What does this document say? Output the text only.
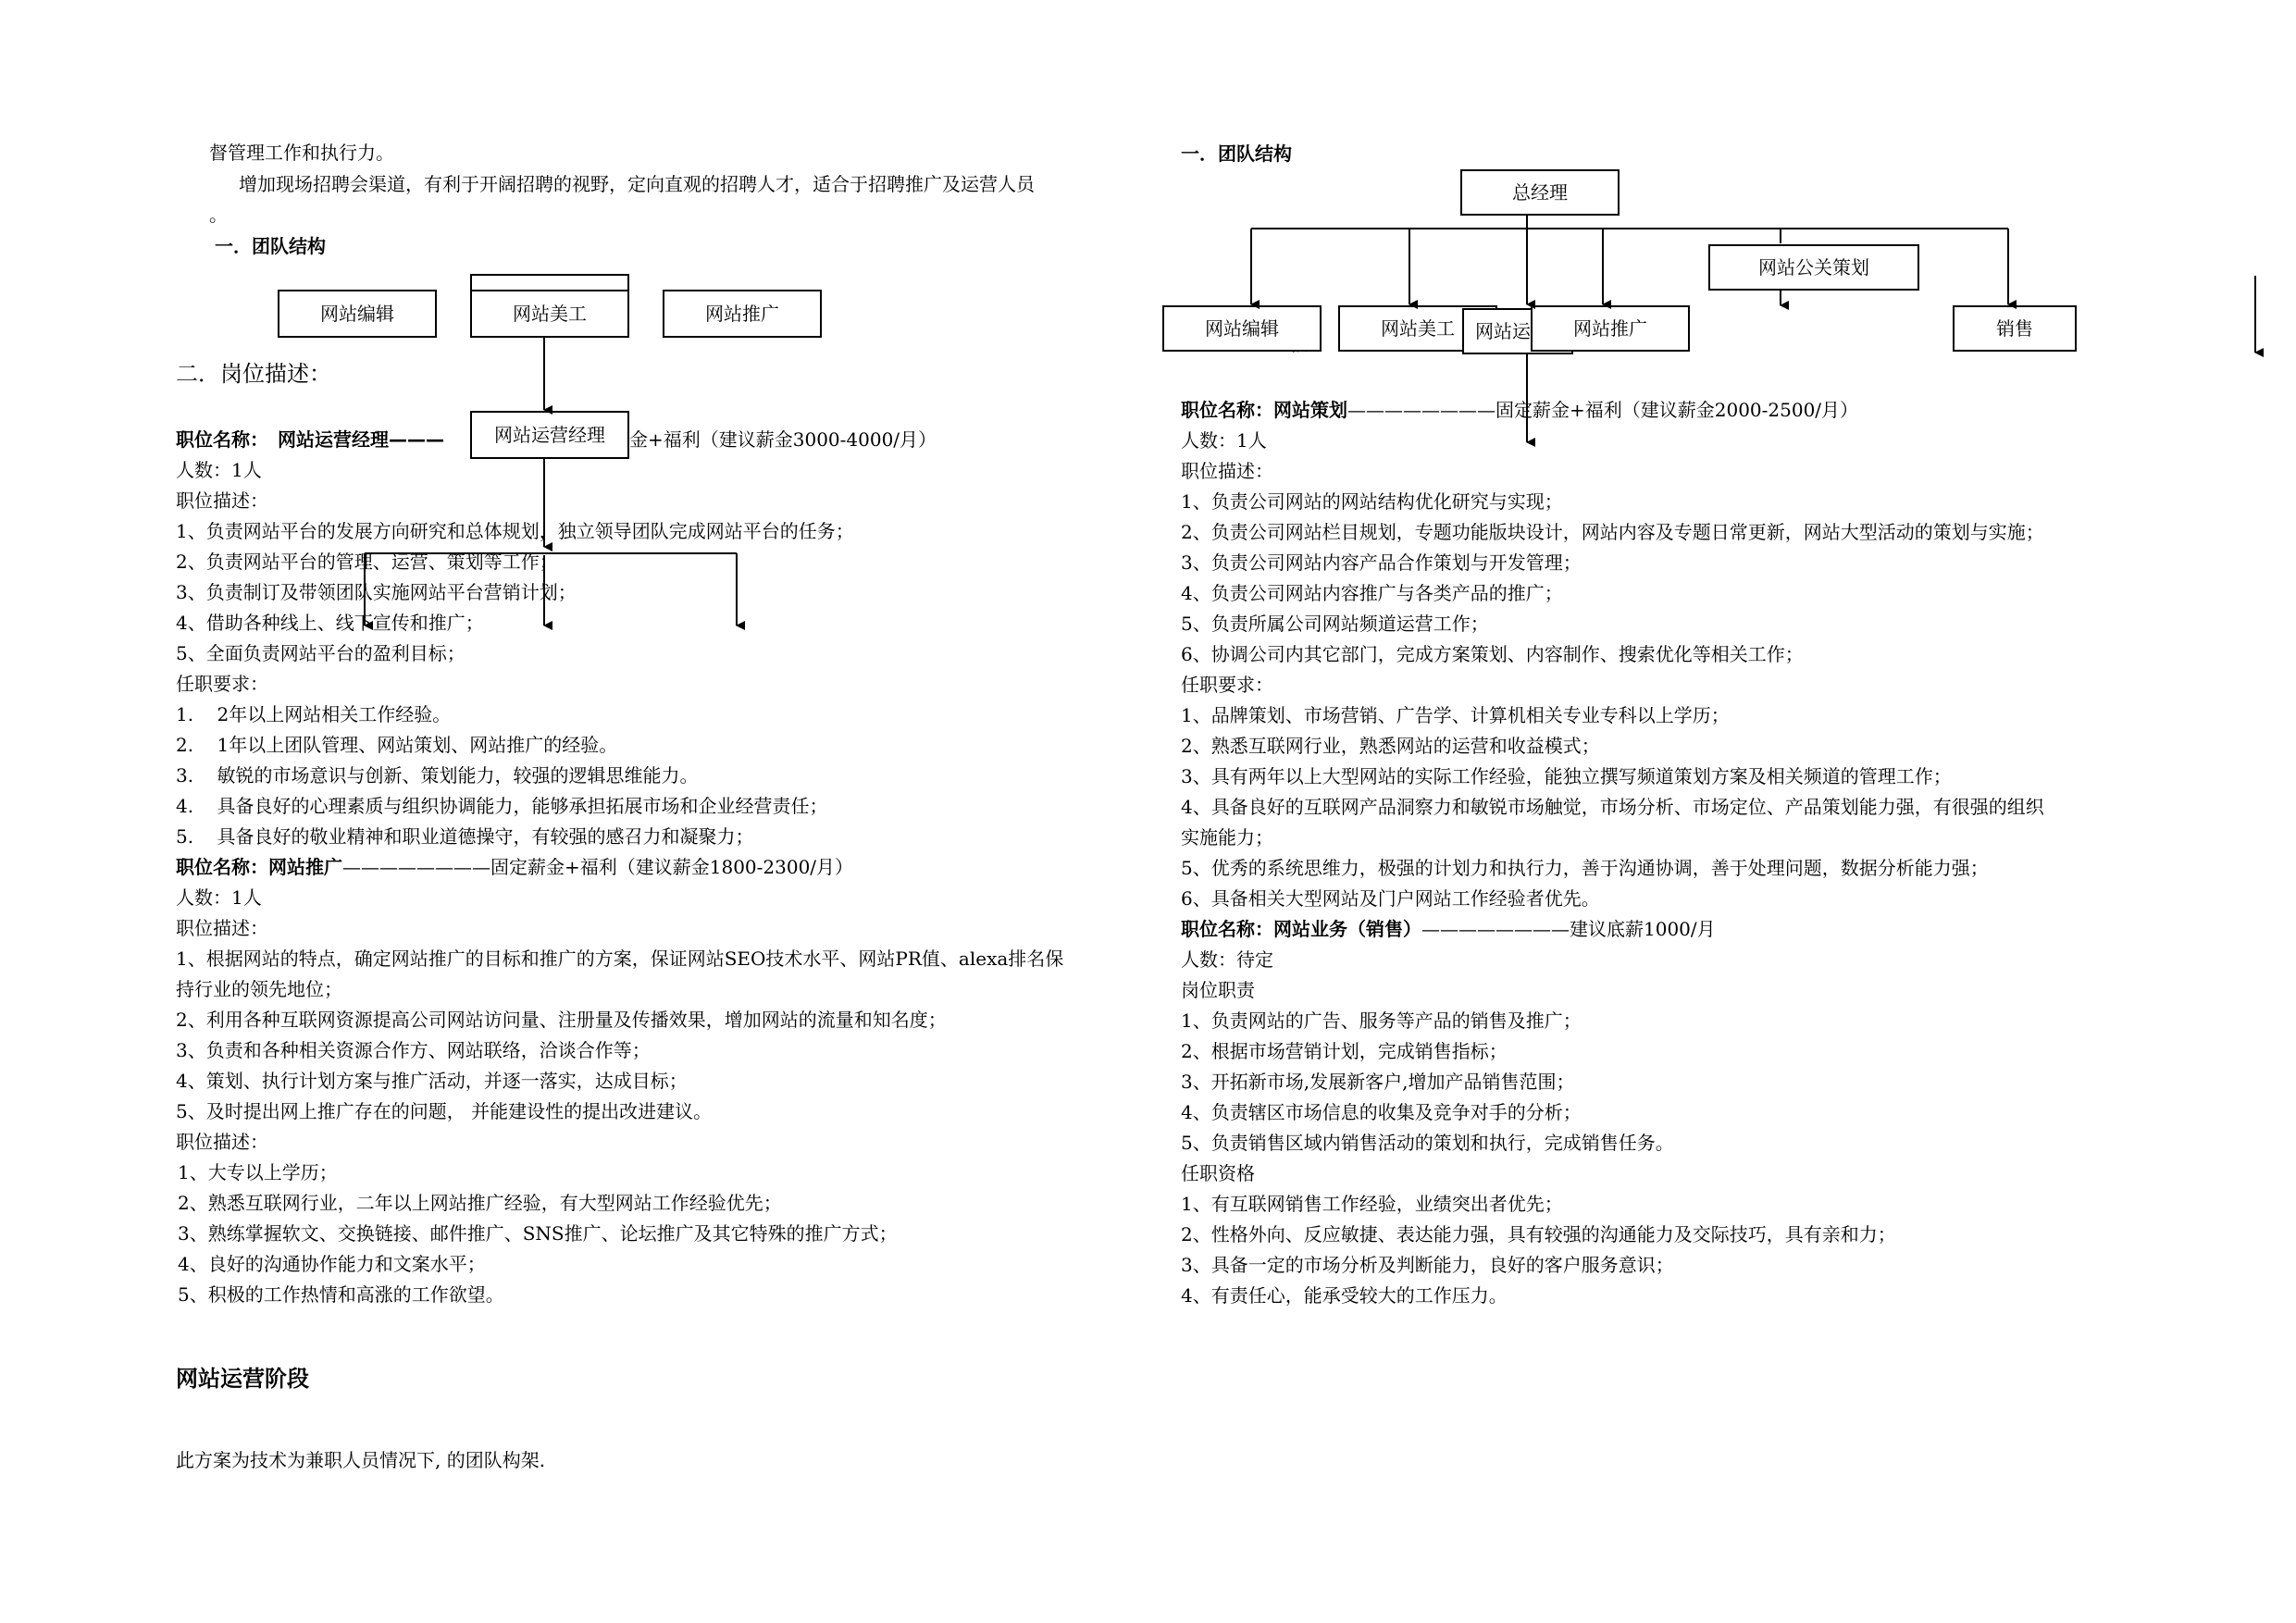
督管理工作和执行力。
增加现场招聘会渠道，有利于开阔招聘的视野，定向直观的招聘人才，适合于招聘推广及运营人员
。
一．团队结构
网站编辑	网站美工	网站推广
二．岗位描述：
职位名称： 网站运营经理———	金+福利（建议薪金3000-4000/月）
网站运营经理
人数：1人
职位描述：
1、负责网站平台的发展方向研究和总体规划，独立领导团队完成网站平台的任务；
2、负责网站平台的管理、运营、策划等工作；
3、负责制订及带领团队实施网站平台营销计划；
4、借助各种线上、线下宣传和推广；
5、全面负责网站平台的盈利目标；
任职要求：
1.    2年以上网站相关工作经验。
2.    1年以上团队管理、网站策划、网站推广的经验。
3.    敏锐的市场意识与创新、策划能力，较强的逻辑思维能力。
4.    具备良好的心理素质与组织协调能力，能够承担拓展市场和企业经营责任；
5.    具备良好的敬业精神和职业道德操守，有较强的感召力和凝聚力；
职位名称：网站推广————————固定薪金+福利（建议薪金1800-2300/月）
人数：1人
职位描述：
1、根据网站的特点，确定网站推广的目标和推广的方案，保证网站SEO技术水平、网站PR值、alexa排名保
持行业的领先地位；
2、利用各种互联网资源提高公司网站访问量、注册量及传播效果，增加网站的流量和知名度；
3、负责和各种相关资源合作方、网站联络，洽谈合作等；
4、策划、执行计划方案与推广活动，并逐一落实，达成目标；
5、及时提出网上推广存在的问题， 并能建设性的提出改进建议。
职位描述：
1、大专以上学历；
2、熟悉互联网行业，二年以上网站推广经验，有大型网站工作经验优先；
3、熟练掌握软文、交换链接、邮件推广、SNS推广、论坛推广及其它特殊的推广方式；
4、良好的沟通协作能力和文案水平；
5、积极的工作热情和高涨的工作欲望。
网站运营阶段
此方案为技术为兼职人员情况下, 的团队构架.
一．团队结构
总经理
网站公关策划
网站编辑	网站美工	网站运	网站推广	销售
职位名称：网站策划————————固定薪金+福利（建议薪金2000-2500/月）
人数：1人
职位描述：
1、负责公司网站的网站结构优化研究与实现；
2、负责公司网站栏目规划，专题功能版块设计，网站内容及专题日常更新，网站大型活动的策划与实施；
3、负责公司网站内容产品合作策划与开发管理；
4、负责公司网站内容推广与各类产品的推广；
5、负责所属公司网站频道运营工作；
6、协调公司内其它部门，完成方案策划、内容制作、搜索优化等相关工作；
任职要求：
1、品牌策划、市场营销、广告学、计算机相关专业专科以上学历；
2、熟悉互联网行业，熟悉网站的运营和收益模式；
3、具有两年以上大型网站的实际工作经验，能独立撰写频道策划方案及相关频道的管理工作；
4、具备良好的互联网产品洞察力和敏锐市场触觉，市场分析、市场定位、产品策划能力强，有很强的组织
实施能力；
5、优秀的系统思维力，极强的计划力和执行力，善于沟通协调，善于处理问题，数据分析能力强；
6、具备相关大型网站及门户网站工作经验者优先。
职位名称：网站业务（销售）————————建议底薪1000/月
人数：待定
岗位职责
1、负责网站的广告、服务等产品的销售及推广；
2、根据市场营销计划，完成销售指标；
3、开拓新市场,发展新客户,增加产品销售范围；
4、负责辖区市场信息的收集及竞争对手的分析；
5、负责销售区域内销售活动的策划和执行，完成销售任务。
任职资格
1、有互联网销售工作经验，业绩突出者优先；
2、性格外向、反应敏捷、表达能力强，具有较强的沟通能力及交际技巧，具有亲和力；
3、具备一定的市场分析及判断能力，良好的客户服务意识；
4、有责任心，能承受较大的工作压力。
